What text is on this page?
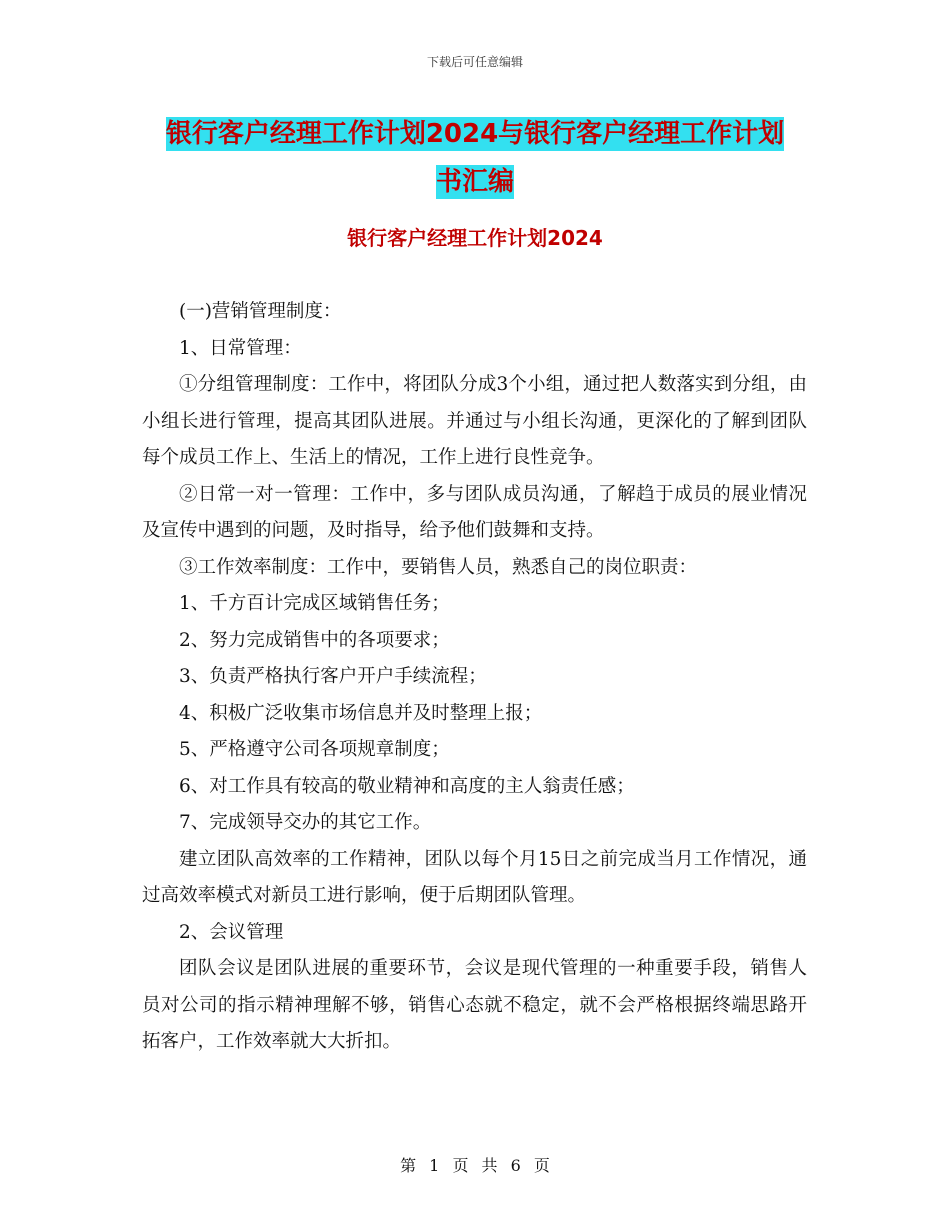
下载后可任意编辑
银行客户经理工作计划2024与银行客户经理工作计划
书汇编
银行客户经理工作计划2024

(一)营销管理制度：

1、日常管理：

①分组管理制度：工作中，将团队分成3个小组，通过把人数落实到分组，由小组长进行管理，提高其团队进展。并通过与小组长沟通，更深化的了解到团队每个成员工作上、生活上的情况，工作上进行良性竞争。

②日常一对一管理：工作中，多与团队成员沟通，了解趋于成员的展业情况及宣传中遇到的问题，及时指导，给予他们鼓舞和支持。

③工作效率制度：工作中，要销售人员，熟悉自己的岗位职责：

1、千方百计完成区域销售任务；

2、努力完成销售中的各项要求；

3、负责严格执行客户开户手续流程；

4、积极广泛收集市场信息并及时整理上报；

5、严格遵守公司各项规章制度；

6、对工作具有较高的敬业精神和高度的主人翁责任感；

7、完成领导交办的其它工作。

建立团队高效率的工作精神，团队以每个月15日之前完成当月工作情况，通过高效率模式对新员工进行影响，便于后期团队管理。

2、会议管理

团队会议是团队进展的重要环节，会议是现代管理的一种重要手段，销售人员对公司的指示精神理解不够，销售心态就不稳定，就不会严格根据终端思路开拓客户，工作效率就大大折扣。

第 1 页 共 6 页
